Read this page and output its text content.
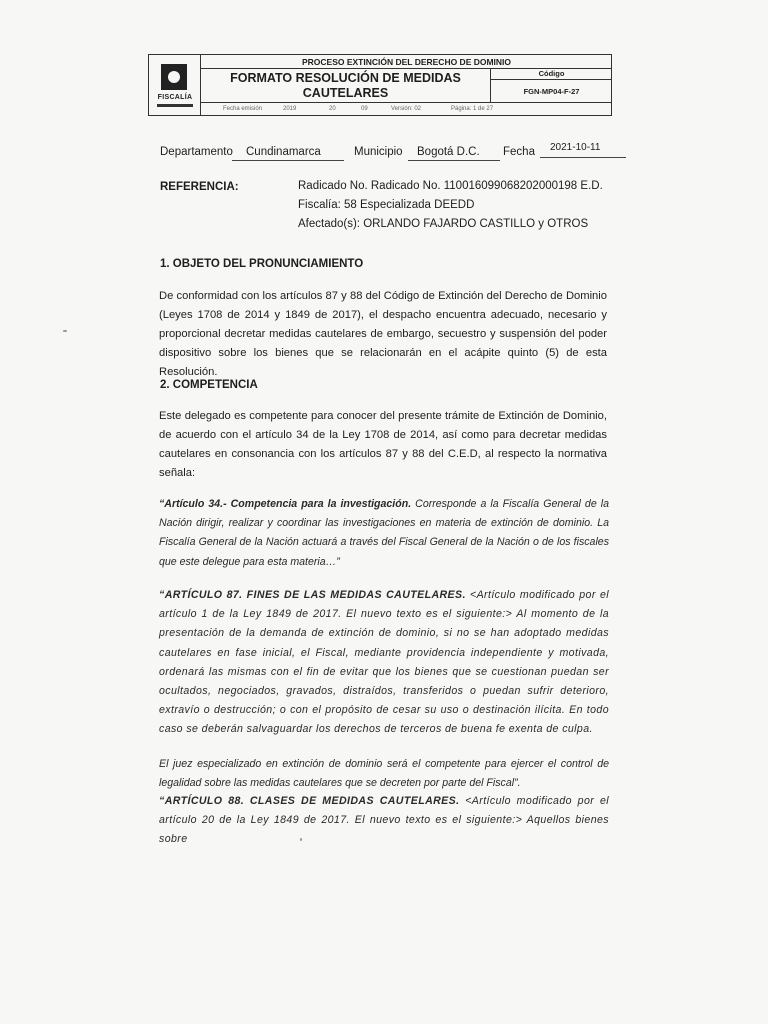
FISCALÍA
PROCESO EXTINCIÓN DEL DERECHO DE DOMINIO
FORMATO RESOLUCIÓN DE MEDIDAS
CAUTELARES
Código
FGN-MP04-F-27
Fecha emisión	2019	20	09	Versión: 02	Página: 1 de 27
Departamento Cundinamarca	Municipio Bogotá D.C. Fecha 2021-10-11
REFERENCIA:	Radicado No. Radicado No. 110016099068202000198 E.D.
Fiscalía: 58 Especializada DEEDD
Afectado(s): ORLANDO FAJARDO CASTILLO y OTROS
1. OBJETO DEL PRONUNCIAMIENTO
De conformidad con los artículos 87 y 88 del Código de Extinción del Derecho de Dominio (Leyes 1708 de 2014 y 1849 de 2017), el despacho encuentra adecuado, necesario y proporcional decretar medidas cautelares de embargo, secuestro y suspensión del poder dispositivo sobre los bienes que se relacionarán en el acápite quinto (5) de esta Resolución.
2. COMPETENCIA
Este delegado es competente para conocer del presente trámite de Extinción de Dominio, de acuerdo con el artículo 34 de la Ley 1708 de 2014, así como para decretar medidas cautelares en consonancia con los artículos 87 y 88 del C.E.D, al respecto la normativa señala:
“Artículo 34.- Competencia para la investigación. Corresponde a la Fiscalía General de la Nación dirigir, realizar y coordinar las investigaciones en materia de extinción de dominio. La Fiscalía General de la Nación actuará a través del Fiscal General de la Nación o de los fiscales que este delegue para esta materia…”
“ARTÍCULO 87. FINES DE LAS MEDIDAS CAUTELARES. <Artículo modificado por el artículo 1 de la Ley 1849 de 2017. El nuevo texto es el siguiente:> Al momento de la presentación de la demanda de extinción de dominio, si no se han adoptado medidas cautelares en fase inicial, el Fiscal, mediante providencia independiente y motivada, ordenará las mismas con el fin de evitar que los bienes que se cuestionan puedan ser ocultados, negociados, gravados, distraídos, transferidos o puedan sufrir deterioro, extravío o destrucción; o con el propósito de cesar su uso o destinación ilícita. En todo caso se deberán salvaguardar los derechos de terceros de buena fe exenta de culpa.
El juez especializado en extinción de dominio será el competente para ejercer el control de legalidad sobre las medidas cautelares que se decreten por parte del Fiscal”.
“ARTÍCULO 88. CLASES DE MEDIDAS CAUTELARES. <Artículo modificado por el artículo 20 de la Ley 1849 de 2017. El nuevo texto es el siguiente:> Aquellos bienes sobre
